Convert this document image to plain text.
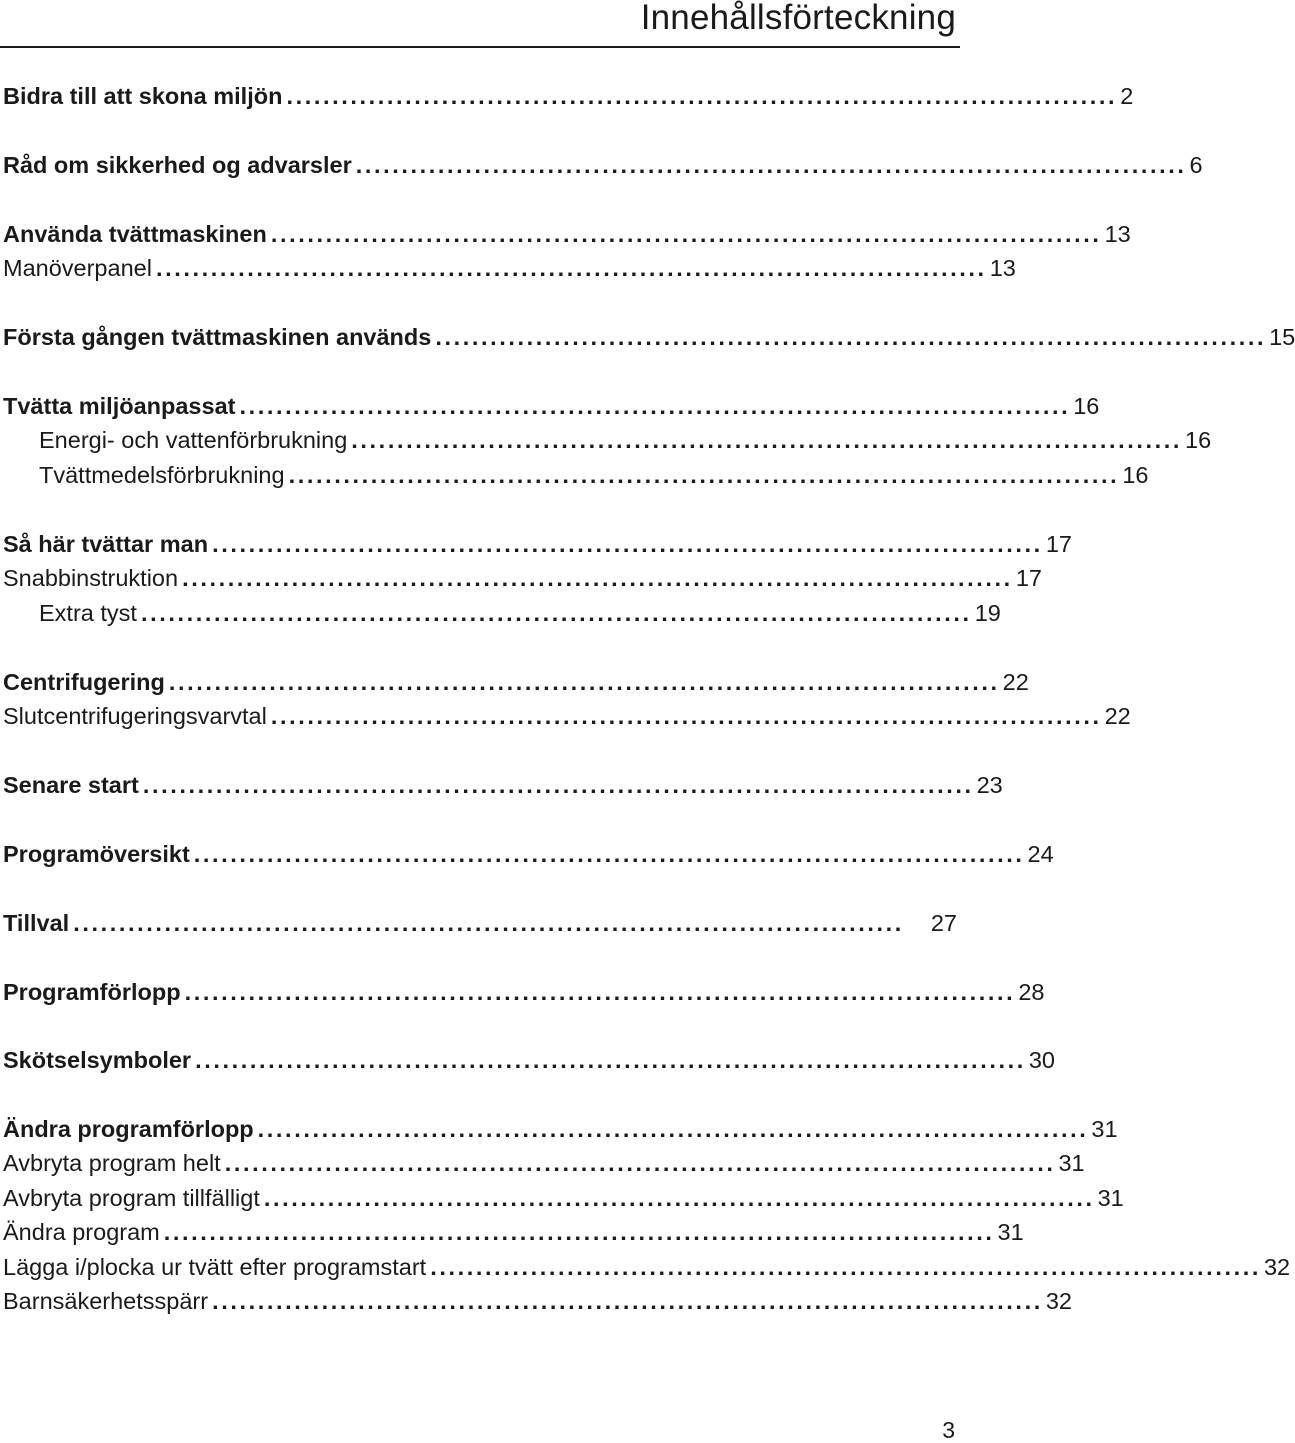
Innehållsförteckning
Bidra till att skona miljön ........................................................................................... 2
Råd om sikkerhed og advarsler ........................................................................................... 6
Använda tvättmaskinen ........................................................................................... 13
Manöverpanel ........................................................................................... 13
Första gången tvättmaskinen används ........................................................................................... 15
Tvätta miljöanpassat ........................................................................................... 16
Energi- och vattenförbrukning ........................................................................................... 16
Tvättmedelsförbrukning ........................................................................................... 16
Så här tvättar man ........................................................................................... 17
Snabbinstruktion ........................................................................................... 17
Extra tyst ........................................................................................... 19
Centrifugering ........................................................................................... 22
Slutcentrifugeringsvarvtal ........................................................................................... 22
Senare start ........................................................................................... 23
Programöversikt ........................................................................................... 24
Tillval ...........................................................................................	27
Programförlopp ........................................................................................... 28
Skötselsymboler ........................................................................................... 30
Ändra programförlopp ........................................................................................... 31
Avbryta program helt ........................................................................................... 31
Avbryta program tillfälligt ........................................................................................... 31
Ändra program ........................................................................................... 31
Lägga i/plocka ur tvätt efter programstart ........................................................................................... 32
Barnsäkerhetsspärr ........................................................................................... 32
3
